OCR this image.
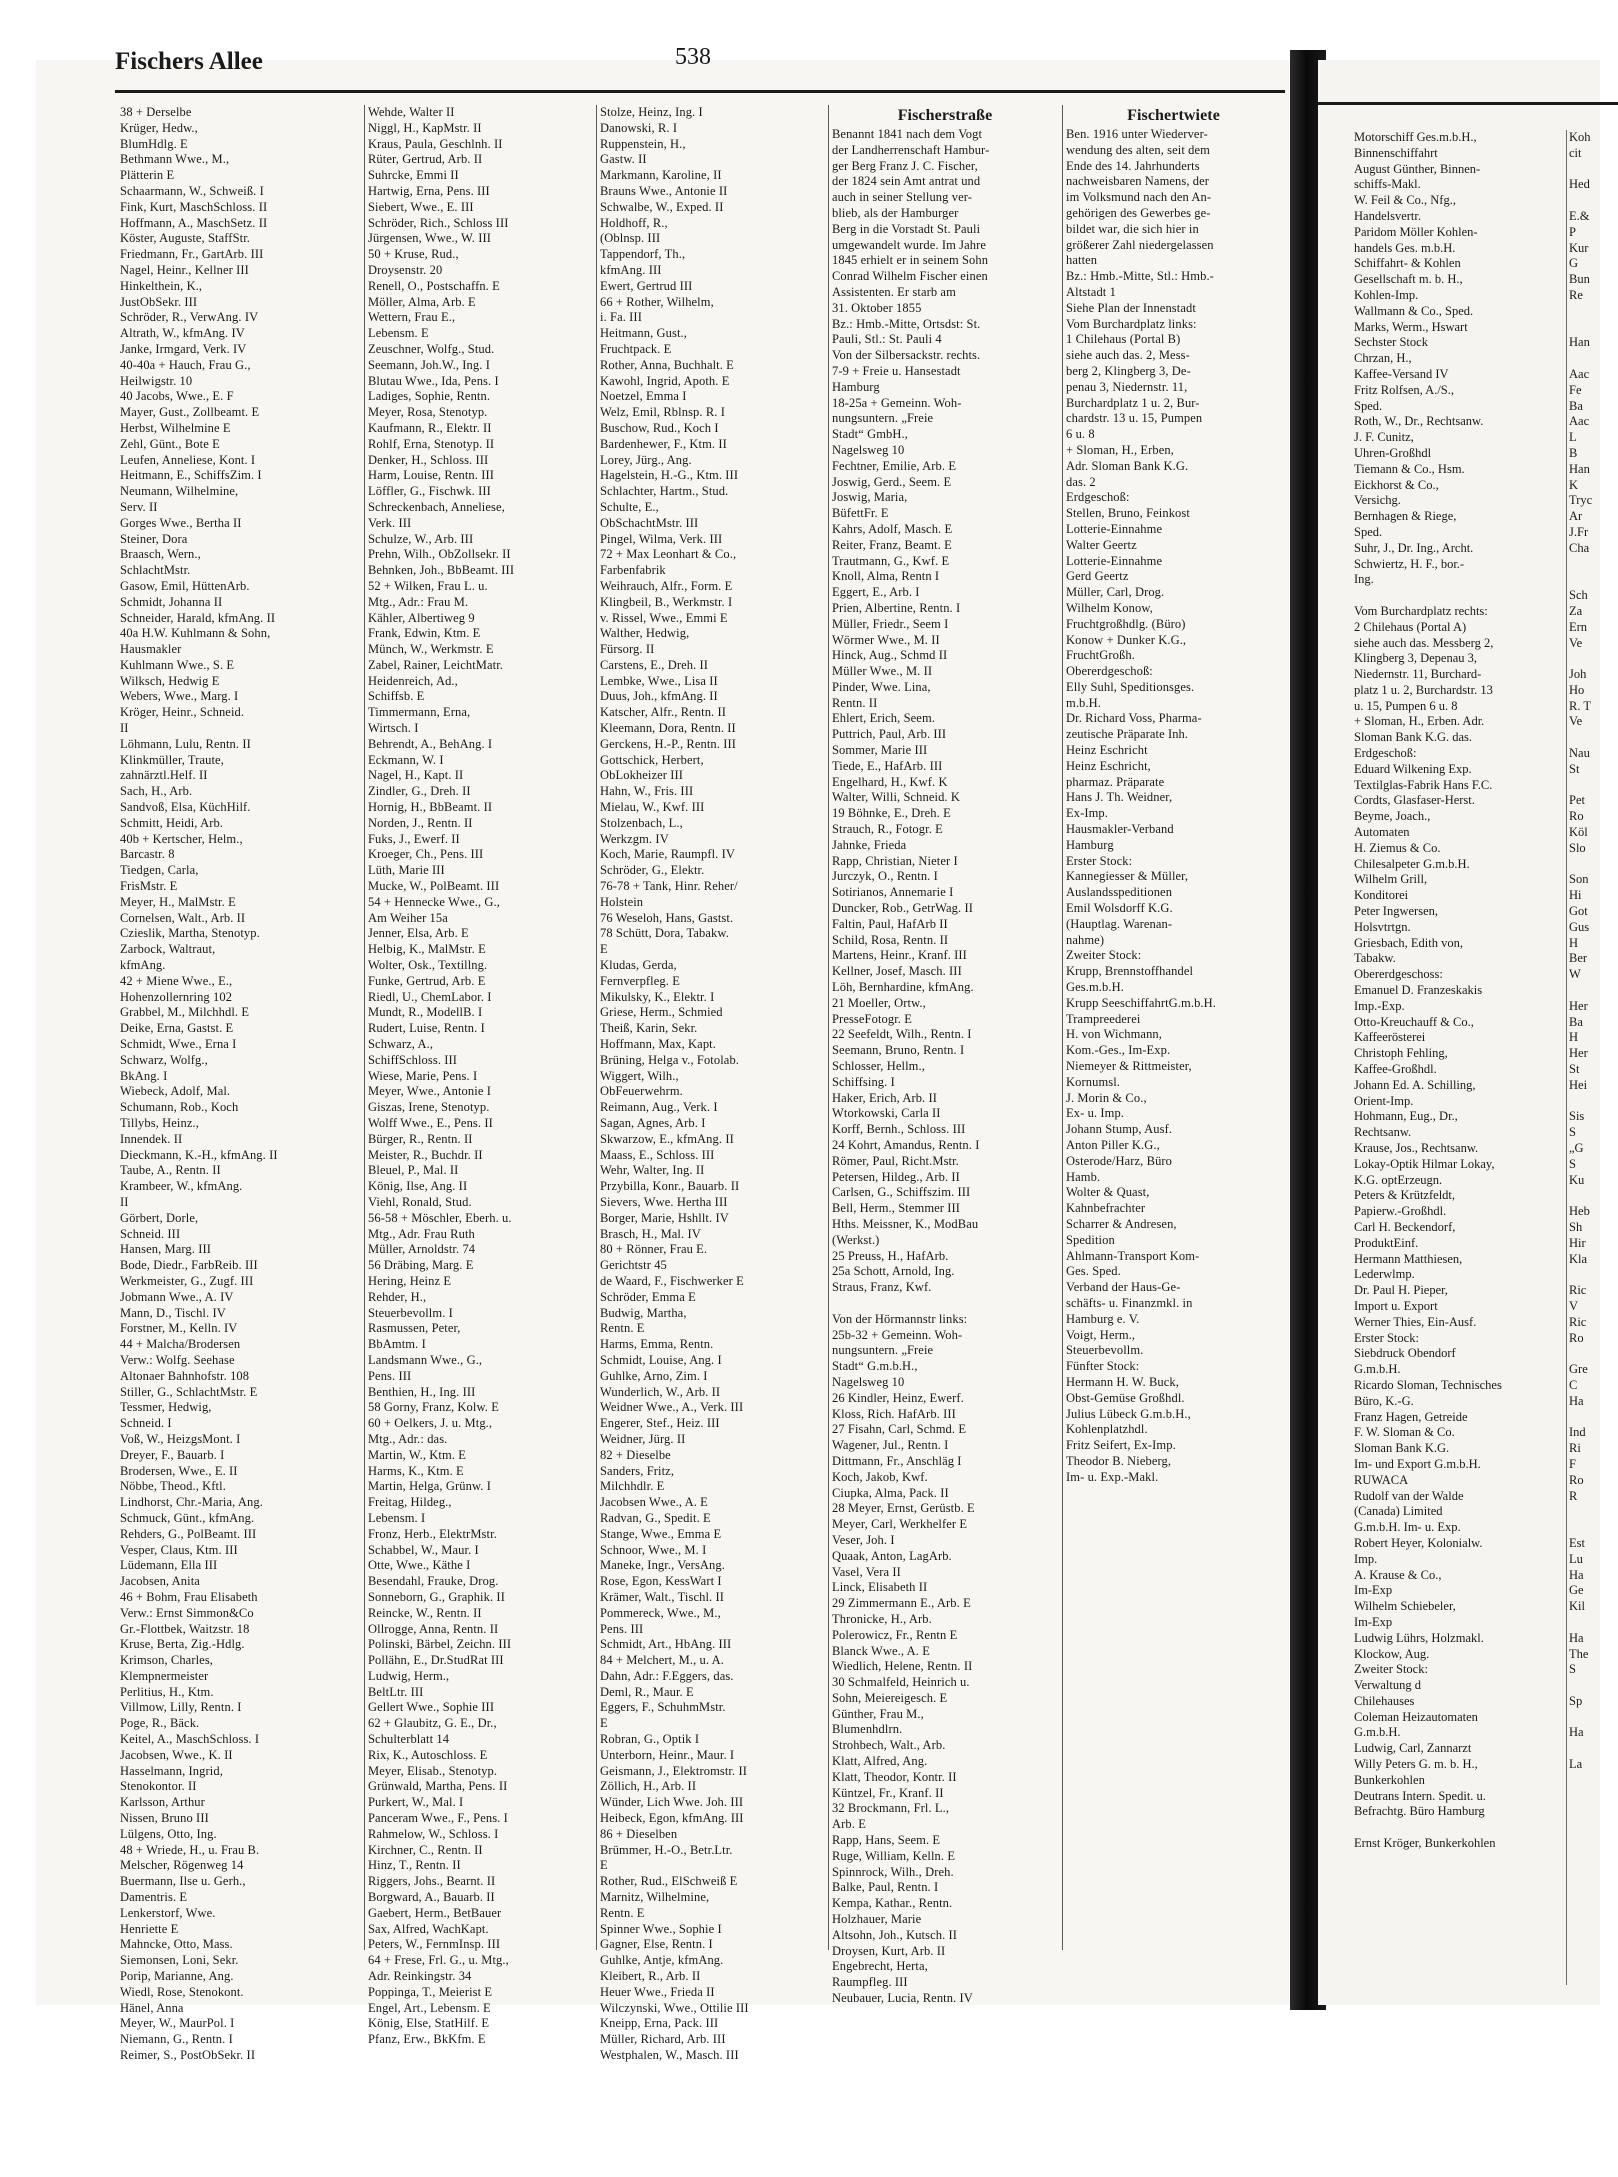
Motorschiff Ges.m.b.H.,
Binnenschiffahrt
August Günther, Binnen-
schiffs-Makl.
W. Feil & Co., Nfg.,
Handelsvertr.
Paridom Möller Kohlen-
handels Ges. m.b.H.
Schiffahrt- & Kohlen
Gesellschaft m. b. H.,
Kohlen-Imp.
Wallmann & Co., Sped.
Marks, Werm., Hswart
Sechster Stock
Chrzan, H.,
Kaffee-Versand IV
Fritz Rolfsen, A./S.,
Sped.
Roth, W., Dr., Rechtsanw.
J. F. Cunitz,
Uhren-Großhdl
Tiemann & Co., Hsm.
Eickhorst & Co.,
Versichg.
Bernhagen & Riege,
Sped.
Suhr, J., Dr. Ing., Archt.
Schwiertz, H. F., bor.-
Ing.
Vom Burchardplatz rechts:
2 Chilehaus (Portal A)
siehe auch das. Messberg 2,
Klingberg 3, Depenau 3,
Niedernstr. 11, Burchard-
platz 1 u. 2, Burchardstr. 13
u. 15, Pumpen 6 u. 8
+ Sloman, H., Erben. Adr.
Sloman Bank K.G. das.
Erdgeschoß:
Eduard Wilkening Exp.
Textilglas-Fabrik Hans F.C.
Cordts, Glasfaser-Herst.
Beyme, Joach.,
Automaten
H. Ziemus & Co.
Chilesalpeter G.m.b.H.
Wilhelm Grill,
Konditorei
Peter Ingwersen,
Holsvtrtgn.
Griesbach, Edith von,
Tabakw.
Obererdgeschoss:
Emanuel D. Franzeskakis
Imp.-Exp.
Otto-Kreuchauff & Co.,
Kaffeerösterei
Christoph Fehling,
Kaffee-Großhdl.
Johann Ed. A. Schilling,
Orient-Imp.
Hohmann, Eug., Dr.,
Rechtsanw.
Krause, Jos., Rechtsanw.
Lokay-Optik Hilmar Lokay,
K.G. optErzeugn.
Peters & Krützfeldt,
Papierw.-Großhdl.
Carl H. Beckendorf,
ProduktEinf.
Hermann Matthiesen,
Lederwlmp.
Dr. Paul H. Pieper,
Import u. Export
Werner Thies, Ein-Ausf.
Erster Stock:
Siebdruck Obendorf
G.m.b.H.
Ricardo Sloman, Technisches
Büro, K.-G.
Franz Hagen, Getreide
F. W. Sloman & Co.
Sloman Bank K.G.
Im- und Export G.m.b.H.
RUWACA
Rudolf van der Walde
(Canada) Limited
G.m.b.H. Im- u. Exp.
Robert Heyer, Kolonialw.
Imp.
A. Krause & Co.,
Im-Exp
Wilhelm Schiebeler,
Im-Exp
Ludwig Lührs, Holzmakl.
Klockow, Aug.
Zweiter Stock:
Verwaltung d
Chilehauses
Coleman Heizautomaten
G.m.b.H.
Ludwig, Carl, Zannarzt
Willy Peters G. m. b. H.,
Bunkerkohlen
Deutrans Intern. Spedit. u.
Befrachtg. Büro Hamburg
Ernst Kröger, Bunkerkohlen
Koh
cit
Hed
E.&
P
Kur
G
Bun
Re
Han
Aac
Fe
Ba
Aac
L
B
Han
K
Tryc
Ar
J.Fr
Cha
Sch
Za
Ern
Ve
Joh
Ho
R. T
Ve
Nau
St
Pet
Ro
Köl
Slo
Son
Hi
Got
Gus
H
Ber
W
Her
Ba
H
Her
St
Hei
Sis
S
„G
S
Ku
Heb
Sh
Hir
Kla
Ric
V
Ric
Ro
Gre
C
Ha
Ind
Ri
F
Ro
R
Est
Lu
Ha
Ge
Kil
Ha
The
S
Sp
Ha
La
Fischers Allee	538
38 + Derselbe
Krüger, Hedw.,
BlumHdlg. E
Bethmann Wwe., M.,
Plätterin E
Schaarmann, W., Schweiß. I
Fink, Kurt, MaschSchloss. II
Hoffmann, A., MaschSetz. II
Köster, Auguste, StaffStr.
Friedmann, Fr., GartArb. III
Nagel, Heinr., Kellner III
Hinkelthein, K.,
JustObSekr. III
Schröder, R., VerwAng. IV
Altrath, W., kfmAng. IV
Janke, Irmgard, Verk. IV
40-40a + Hauch, Frau G.,
Heilwigstr. 10
40 Jacobs, Wwe., E. F
Mayer, Gust., Zollbeamt. E
Herbst, Wilhelmine E
Zehl, Günt., Bote E
Leufen, Anneliese, Kont. I
Heitmann, E., SchiffsZim. I
Neumann, Wilhelmine,
Serv. II
Gorges Wwe., Bertha II
Steiner, Dora
Braasch, Wern.,
SchlachtMstr.
Gasow, Emil, HüttenArb.
Schmidt, Johanna II
Schneider, Harald, kfmAng. II
40a H.W. Kuhlmann & Sohn,
Hausmakler
Kuhlmann Wwe., S. E
Wilksch, Hedwig E
Webers, Wwe., Marg. I
Kröger, Heinr., Schneid.
II
Löhmann, Lulu, Rentn. II
Klinkmüller, Traute,
zahnärztl.Helf. II
Sach, H., Arb.
Sandvoß, Elsa, KüchHilf.
Schmitt, Heidi, Arb.
40b + Kertscher, Helm.,
Barcastr. 8
Tiedgen, Carla,
FrisMstr. E
Meyer, H., MalMstr. E
Cornelsen, Walt., Arb. II
Czieslik, Martha, Stenotyp.
Zarbock, Waltraut,
kfmAng.
42 + Miene Wwe., E.,
Hohenzollernring 102
Grabbel, M., Milchhdl. E
Deike, Erna, Gastst. E
Schmidt, Wwe., Erna I
Schwarz, Wolfg.,
BkAng. I
Wiebeck, Adolf, Mal.
Schumann, Rob., Koch
Tillybs, Heinz.,
Innendek. II
Dieckmann, K.-H., kfmAng. II
Taube, A., Rentn. II
Krambeer, W., kfmAng.
II
Görbert, Dorle,
Schneid. III
Hansen, Marg. III
Bode, Diedr., FarbReib. III
Werkmeister, G., Zugf. III
Jobmann Wwe., A. IV
Mann, D., Tischl. IV
Forstner, M., Kelln. IV
44 + Malcha/Brodersen
Verw.: Wolfg. Seehase
Altonaer Bahnhofstr. 108
Stiller, G., SchlachtMstr. E
Tessmer, Hedwig,
Schneid. I
Voß, W., HeizgsMont. I
Dreyer, F., Bauarb. I
Brodersen, Wwe., E. II
Nöbbe, Theod., Kftl.
Lindhorst, Chr.-Maria, Ang.
Schmuck, Günt., kfmAng.
Rehders, G., PolBeamt. III
Vesper, Claus, Ktm. III
Lüdemann, Ella III
Jacobsen, Anita
46 + Bohm, Frau Elisabeth
Verw.: Ernst Simmon&Co
Gr.-Flottbek, Waitzstr. 18
Kruse, Berta, Zig.-Hdlg.
Krimson, Charles,
Klempnermeister
Perlitius, H., Ktm.
Villmow, Lilly, Rentn. I
Poge, R., Bäck.
Keitel, A., MaschSchloss. I
Jacobsen, Wwe., K. II
Hasselmann, Ingrid,
Stenokontor. II
Karlsson, Arthur
Nissen, Bruno III
Lülgens, Otto, Ing.
48 + Wriede, H., u. Frau B.
Melscher, Rögenweg 14
Buermann, Ilse u. Gerh.,
Damentris. E
Lenkerstorf, Wwe.
Henriette E
Mahncke, Otto, Mass.
Siemonsen, Loni, Sekr.
Porip, Marianne, Ang.
Wiedl, Rose, Stenokont.
Hänel, Anna
Meyer, W., MaurPol. I
Niemann, G., Rentn. I
Reimer, S., PostObSekr. II
Wehde, Walter II
Niggl, H., KapMstr. II
Kraus, Paula, Geschlnh. II
Rüter, Gertrud, Arb. II
Suhrcke, Emmi II
Hartwig, Erna, Pens. III
Siebert, Wwe., E. III
Schröder, Rich., Schloss III
Jürgensen, Wwe., W. III
50 + Kruse, Rud.,
Droysenstr. 20
Renell, O., Postschaffn. E
Möller, Alma, Arb. E
Wettern, Frau E.,
Lebensm. E
Zeuschner, Wolfg., Stud.
Seemann, Joh.W., Ing. I
Blutau Wwe., Ida, Pens. I
Ladiges, Sophie, Rentn.
Meyer, Rosa, Stenotyp.
Kaufmann, R., Elektr. II
Rohlf, Erna, Stenotyp. II
Denker, H., Schloss. III
Harm, Louise, Rentn. III
Löffler, G., Fischwk. III
Schreckenbach, Anneliese,
Verk. III
Schulze, W., Arb. III
Prehn, Wilh., ObZollsekr. II
Behnken, Joh., BbBeamt. III
52 + Wilken, Frau L. u.
Mtg., Adr.: Frau M.
Kähler, Albertiweg 9
Frank, Edwin, Ktm. E
Münch, W., Werkmstr. E
Zabel, Rainer, LeichtMatr.
Heidenreich, Ad.,
Schiffsb. E
Timmermann, Erna,
Wirtsch. I
Behrendt, A., BehAng. I
Eckmann, W. I
Nagel, H., Kapt. II
Zindler, G., Dreh. II
Hornig, H., BbBeamt. II
Norden, J., Rentn. II
Fuks, J., Ewerf. II
Kroeger, Ch., Pens. III
Lüth, Marie III
Mucke, W., PolBeamt. III
54 + Hennecke Wwe., G.,
Am Weiher 15a
Jenner, Elsa, Arb. E
Helbig, K., MalMstr. E
Wolter, Osk., Textillng.
Funke, Gertrud, Arb. E
Riedl, U., ChemLabor. I
Mundt, R., ModellB. I
Rudert, Luise, Rentn. I
Schwarz, A.,
SchiffSchloss. III
Wiese, Marie, Pens. I
Meyer, Wwe., Antonie I
Giszas, Irene, Stenotyp.
Wolff Wwe., E., Pens. II
Bürger, R., Rentn. II
Meister, R., Buchdr. II
Bleuel, P., Mal. II
König, Ilse, Ang. II
Viehl, Ronald, Stud.
56-58 + Möschler, Eberh. u.
Mtg., Adr. Frau Ruth
Müller, Arnoldstr. 74
56 Dräbing, Marg. E
Hering, Heinz E
Rehder, H.,
Steuerbevollm. I
Rasmussen, Peter,
BbAmtm. I
Landsmann Wwe., G.,
Pens. III
Benthien, H., Ing. III
58 Gorny, Franz, Kolw. E
60 + Oelkers, J. u. Mtg.,
Mtg., Adr.: das.
Martin, W., Ktm. E
Harms, K., Ktm. E
Martin, Helga, Grünw. I
Freitag, Hildeg.,
Lebensm. I
Fronz, Herb., ElektrMstr.
Schabbel, W., Maur. I
Otte, Wwe., Käthe I
Besendahl, Frauke, Drog.
Sonneborn, G., Graphik. II
Reincke, W., Rentn. II
Ollrogge, Anna, Rentn. II
Polinski, Bärbel, Zeichn. III
Pollähn, E., Dr.StudRat III
Ludwig, Herm.,
BeltLtr. III
Gellert Wwe., Sophie III
62 + Glaubitz, G. E., Dr.,
Schulterblatt 14
Rix, K., Autoschloss. E
Meyer, Elisab., Stenotyp.
Grünwald, Martha, Pens. II
Purkert, W., Mal. I
Panceram Wwe., F., Pens. I
Rahmelow, W., Schloss. I
Kirchner, C., Rentn. II
Hinz, T., Rentn. II
Riggers, Johs., Bearnt. II
Borgward, A., Bauarb. II
Gaebert, Herm., BetBauer
Sax, Alfred, WachKapt.
Peters, W., FernmInsp. III
64 + Frese, Frl. G., u. Mtg.,
Adr. Reinkingstr. 34
Poppinga, T., Meierist E
Engel, Art., Lebensm. E
König, Else, StatHilf. E
Pfanz, Erw., BkKfm. E
Stolze, Heinz, Ing. I
Danowski, R. I
Ruppenstein, H.,
Gastw. II
Markmann, Karoline, II
Brauns Wwe., Antonie II
Schwalbe, W., Exped. II
Holdhoff, R.,
(Oblnsp. III
Tappendorf, Th.,
kfmAng. III
Ewert, Gertrud III
66 + Rother, Wilhelm,
i. Fa. III
Heitmann, Gust.,
Fruchtpack. E
Rother, Anna, Buchhalt. E
Kawohl, Ingrid, Apoth. E
Noetzel, Emma I
Welz, Emil, Rblnsp. R. I
Buschow, Rud., Koch I
Bardenhewer, F., Ktm. II
Lorey, Jürg., Ang.
Hagelstein, H.-G., Ktm. III
Schlachter, Hartm., Stud.
Schulte, E.,
ObSchachtMstr. III
Pingel, Wilma, Verk. III
72 + Max Leonhart & Co.,
Farbenfabrik
Weihrauch, Alfr., Form. E
Klingbeil, B., Werkmstr. I
v. Rissel, Wwe., Emmi E
Walther, Hedwig,
Fürsorg. II
Carstens, E., Dreh. II
Lembke, Wwe., Lisa II
Duus, Joh., kfmAng. II
Katscher, Alfr., Rentn. II
Kleemann, Dora, Rentn. II
Gerckens, H.-P., Rentn. III
Gottschick, Herbert,
ObLokheizer III
Hahn, W., Fris. III
Mielau, W., Kwf. III
Stolzenbach, L.,
Werkzgm. IV
Koch, Marie, Raumpfl. IV
Schröder, G., Elektr.
76-78 + Tank, Hinr. Reher/
Holstein
76 Weseloh, Hans, Gastst.
78 Schütt, Dora, Tabakw.
E
Kludas, Gerda,
Fernverpfleg. E
Mikulsky, K., Elektr. I
Griese, Herm., Schmied
Theiß, Karin, Sekr.
Hoffmann, Max, Kapt.
Brüning, Helga v., Fotolab.
Wiggert, Wilh.,
ObFeuerwehrm.
Reimann, Aug., Verk. I
Sagan, Agnes, Arb. I
Skwarzow, E., kfmAng. II
Maass, E., Schloss. III
Wehr, Walter, Ing. II
Przybilla, Konr., Bauarb. II
Sievers, Wwe. Hertha III
Borger, Marie, Hshllt. IV
Brasch, H., Mal. IV
80 + Rönner, Frau E.
Gerichtstr 45
de Waard, F., Fischwerker E
Schröder, Emma E
Budwig, Martha,
Rentn. E
Harms, Emma, Rentn.
Schmidt, Louise, Ang. I
Guhlke, Arno, Zim. I
Wunderlich, W., Arb. II
Weidner Wwe., A., Verk. III
Engerer, Stef., Heiz. III
Weidner, Jürg. II
82 + Dieselbe
Sanders, Fritz,
Milchhdlr. E
Jacobsen Wwe., A. E
Radvan, G., Spedit. E
Stange, Wwe., Emma E
Schnoor, Wwe., M. I
Maneke, Ingr., VersAng.
Rose, Egon, KessWart I
Krämer, Walt., Tischl. II
Pommereck, Wwe., M.,
Pens. III
Schmidt, Art., HbAng. III
84 + Melchert, M., u. A.
Dahn, Adr.: F.Eggers, das.
Deml, R., Maur. E
Eggers, F., SchuhmMstr.
E
Robran, G., Optik I
Unterborn, Heinr., Maur. I
Geismann, J., Elektromstr. II
Zöllich, H., Arb. II
Wünder, Lich Wwe. Joh. III
Heibeck, Egon, kfmAng. III
86 + Dieselben
Brümmer, H.-O., Betr.Ltr.
E
Rother, Rud., ElSchweiß E
Marnitz, Wilhelmine,
Rentn. E
Spinner Wwe., Sophie I
Gagner, Else, Rentn. I
Guhlke, Antje, kfmAng.
Kleibert, R., Arb. II
Heuer Wwe., Frieda II
Wilczynski, Wwe., Ottilie III
Kneipp, Erna, Pack. III
Müller, Richard, Arb. III
Westphalen, W., Masch. III
Fischerstraße
Benannt 1841 nach dem Vogt
der Landherrenschaft Hambur-
ger Berg Franz J. C. Fischer,
der 1824 sein Amt antrat und
auch in seiner Stellung ver-
blieb, als der Hamburger
Berg in die Vorstadt St. Pauli
umgewandelt wurde. Im Jahre
1845 erhielt er in seinem Sohn
Conrad Wilhelm Fischer einen
Assistenten. Er starb am
31. Oktober 1855
Bz.: Hmb.-Mitte, Ortsdst: St.
Pauli, Stl.: St. Pauli 4
Von der Silbersackstr. rechts.
7-9 + Freie u. Hansestadt
Hamburg
18-25a + Gemeinn. Woh-
nungsuntern. „Freie
Stadt“ GmbH.,
Nagelsweg 10
Fechtner, Emilie, Arb. E
Joswig, Gerd., Seem. E
Joswig, Maria,
BüfettFr. E
Kahrs, Adolf, Masch. E
Reiter, Franz, Beamt. E
Trautmann, G., Kwf. E
Knoll, Alma, Rentn I
Eggert, E., Arb. I
Prien, Albertine, Rentn. I
Müller, Friedr., Seem I
Wörmer Wwe., M. II
Hinck, Aug., Schmd II
Müller Wwe., M. II
Pinder, Wwe. Lina,
Rentn. II
Ehlert, Erich, Seem.
Puttrich, Paul, Arb. III
Sommer, Marie III
Tiede, E., HafArb. III
Engelhard, H., Kwf. K
Walter, Willi, Schneid. K
19 Böhnke, E., Dreh. E
Strauch, R., Fotogr. E
Jahnke, Frieda
Rapp, Christian, Nieter I
Jurczyk, O., Rentn. I
Sotirianos, Annemarie I
Duncker, Rob., GetrWag. II
Faltin, Paul, HafArb II
Schild, Rosa, Rentn. II
Martens, Heinr., Kranf. III
Kellner, Josef, Masch. III
Löh, Bernhardine, kfmAng.
21 Moeller, Ortw.,
PresseFotogr. E
22 Seefeldt, Wilh., Rentn. I
Seemann, Bruno, Rentn. I
Schlosser, Hellm.,
Schiffsing. I
Haker, Erich, Arb. II
Wtorkowski, Carla II
Korff, Bernh., Schloss. III
24 Kohrt, Amandus, Rentn. I
Römer, Paul, Richt.Mstr.
Petersen, Hildeg., Arb. II
Carlsen, G., Schiffszim. III
Bell, Herm., Stemmer III
Hths. Meissner, K., ModBau
(Werkst.)
25 Preuss, H., HafArb.
25a Schott, Arnold, Ing.
Straus, Franz, Kwf.
Von der Hörmannstr links:
25b-32 + Gemeinn. Woh-
nungsuntern. „Freie
Stadt“ G.m.b.H.,
Nagelsweg 10
26 Kindler, Heinz, Ewerf.
Kloss, Rich. HafArb. III
27 Fisahn, Carl, Schmd. E
Wagener, Jul., Rentn. I
Dittmann, Fr., Anschläg I
Koch, Jakob, Kwf.
Ciupka, Alma, Pack. II
28 Meyer, Ernst, Gerüstb. E
Meyer, Carl, Werkhelfer E
Veser, Joh. I
Quaak, Anton, LagArb.
Vasel, Vera II
Linck, Elisabeth II
29 Zimmermann E., Arb. E
Thronicke, H., Arb.
Polerowicz, Fr., Rentn E
Blanck Wwe., A. E
Wiedlich, Helene, Rentn. II
30 Schmalfeld, Heinrich u.
Sohn, Meiereigesch. E
Günther, Frau M.,
Blumenhdlrn.
Strohbech, Walt., Arb.
Klatt, Alfred, Ang.
Klatt, Theodor, Kontr. II
Küntzel, Fr., Kranf. II
32 Brockmann, Frl. L.,
Arb. E
Rapp, Hans, Seem. E
Ruge, William, Kelln. E
Spinnrock, Wilh., Dreh.
Balke, Paul, Rentn. I
Kempa, Kathar., Rentn.
Holzhauer, Marie
Altsohn, Joh., Kutsch. II
Droysen, Kurt, Arb. II
Engebrecht, Herta,
Raumpfleg. III
Neubauer, Lucia, Rentn. IV
Fischertwiete
Ben. 1916 unter Wiederver-
wendung des alten, seit dem
Ende des 14. Jahrhunderts
nachweisbaren Namens, der
im Volksmund nach den An-
gehörigen des Gewerbes ge-
bildet war, die sich hier in
größerer Zahl niedergelassen
hatten
Bz.: Hmb.-Mitte, Stl.: Hmb.-
Altstadt 1
Siehe Plan der Innenstadt
Vom Burchardplatz links:
1 Chilehaus (Portal B)
siehe auch das. 2, Mess-
berg 2, Klingberg 3, De-
penau 3, Niedernstr. 11,
Burchardplatz 1 u. 2, Bur-
chardstr. 13 u. 15, Pumpen
6 u. 8
+ Sloman, H., Erben,
Adr. Sloman Bank K.G.
das. 2
Erdgeschoß:
Stellen, Bruno, Feinkost
Lotterie-Einnahme
Walter Geertz
Lotterie-Einnahme
Gerd Geertz
Müller, Carl, Drog.
Wilhelm Konow,
Fruchtgroßhdlg. (Büro)
Konow + Dunker K.G.,
FruchtGroßh.
Obererdgeschoß:
Elly Suhl, Speditionsges.
m.b.H.
Dr. Richard Voss, Pharma-
zeutische Präparate Inh.
Heinz Eschricht
Heinz Eschricht,
pharmaz. Präparate
Hans J. Th. Weidner,
Ex-Imp.
Hausmakler-Verband
Hamburg
Erster Stock:
Kannegiesser & Müller,
Auslandsspeditionen
Emil Wolsdorff K.G.
(Hauptlag. Warenan-
nahme)
Zweiter Stock:
Krupp, Brennstoffhandel
Ges.m.b.H.
Krupp SeeschiffahrtG.m.b.H.
Trampreederei
H. von Wichmann,
Kom.-Ges., Im-Exp.
Niemeyer & Rittmeister,
Kornumsl.
J. Morin & Co.,
Ex- u. Imp.
Johann Stump, Ausf.
Anton Piller K.G.,
Osterode/Harz, Büro
Hamb.
Wolter & Quast,
Kahnbefrachter
Scharrer & Andresen,
Spedition
Ahlmann-Transport Kom-
Ges. Sped.
Verband der Haus-Ge-
schäfts- u. Finanzmkl. in
Hamburg e. V.
Voigt, Herm.,
Steuerbevollm.
Fünfter Stock:
Hermann H. W. Buck,
Obst-Gemüse Großhdl.
Julius Lübeck G.m.b.H.,
Kohlenplatzhdl.
Fritz Seifert, Ex-Imp.
Theodor B. Nieberg,
Im- u. Exp.-Makl.
